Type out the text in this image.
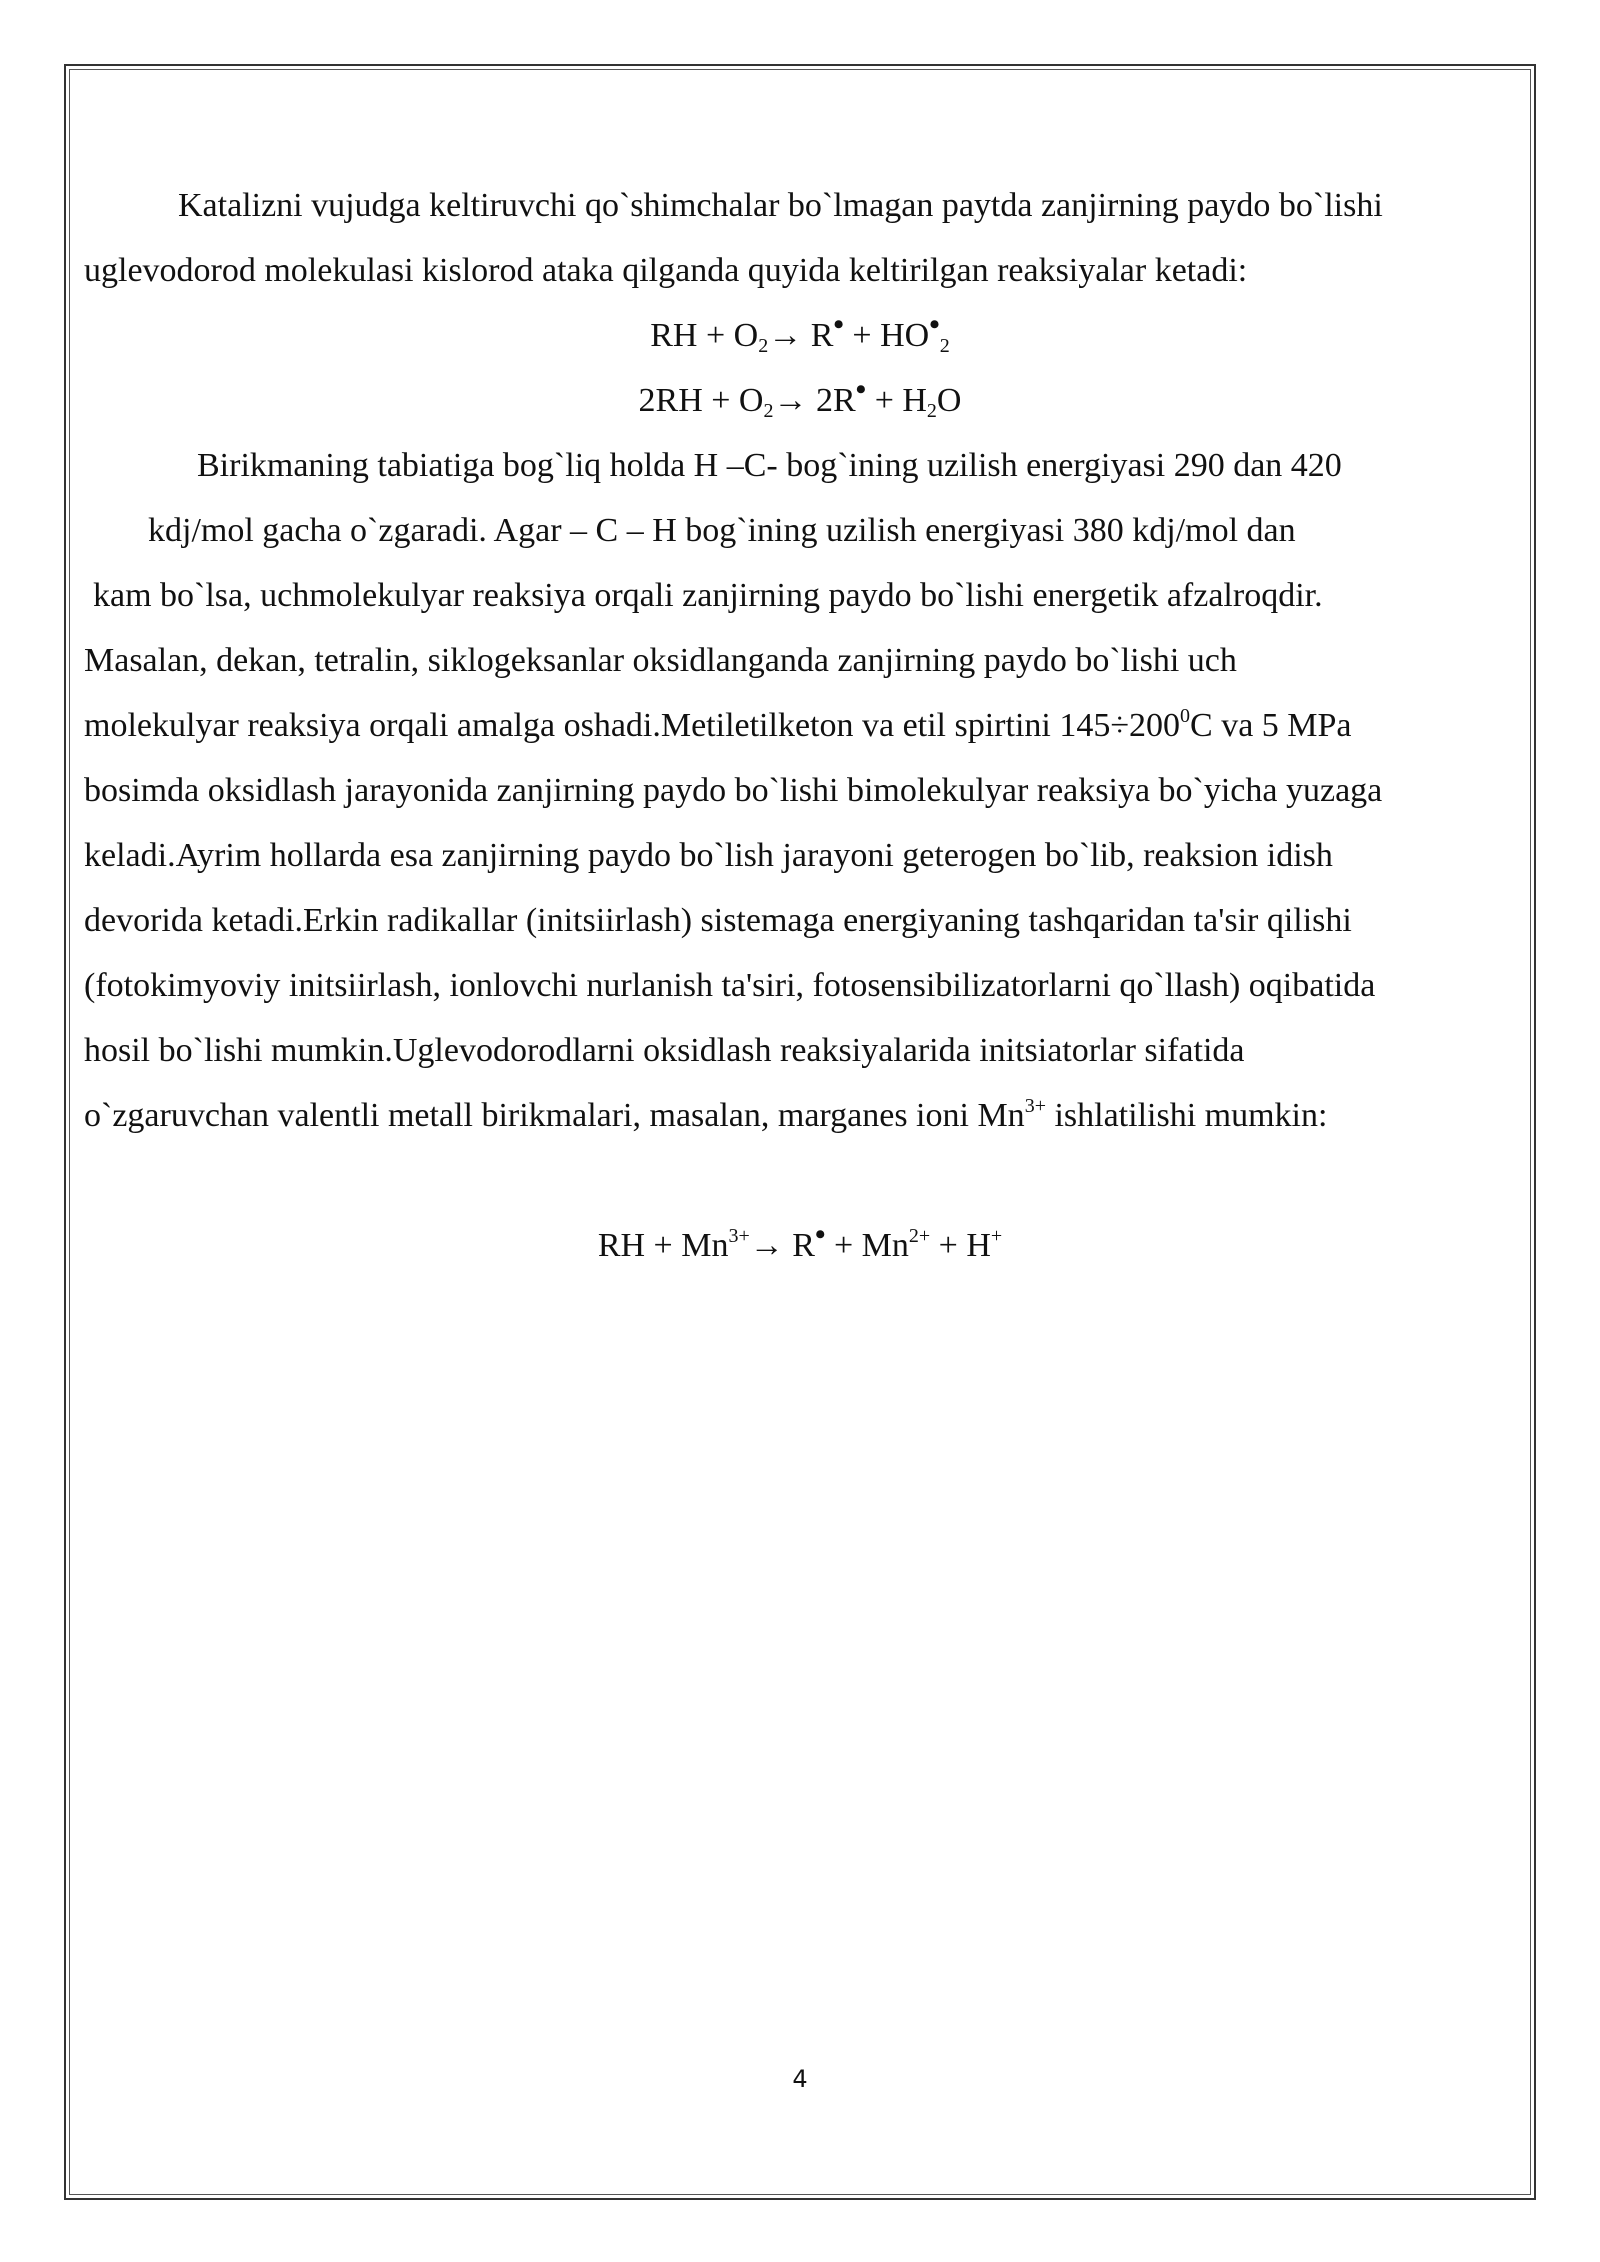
Katalizni vujudga keltiruvchi qo`shimchalar bo`lmagan paytda zanjirning paydo bo`lishi
uglevodorod molekulasi kislorod ataka qilganda quyida keltirilgan reaksiyalar ketadi:
RH + $O_2\to$ R• + $HO•_2$
$2RH + O_2\to$ 2R• + $H_2O$
Birikmaning tabiatiga bog`liq holda H –C- bog`ining uzilish energiyasi 290 dan 420
kdj/mol gacha o`zgaradi. Agar – C – H bog`ining uzilish energiyasi 380 kdj/mol dan
kam bo`lsa, uchmolekulyar reaksiya orqali zanjirning paydo bo`lishi energetik afzalroqdir.
Masalan, dekan, tetralin, siklogeksanlar oksidlanganda zanjirning paydo bo`lishi uch
molekulyar reaksiya orqali amalga oshadi.Metiletilketon va etil spirtini $145\div 200^0C$ va 5 MPa
bosimda oksidlash jarayonida zanjirning paydo bo`lishi bimolekulyar reaksiya bo`yicha yuzaga
keladi.Ayrim hollarda esa zanjirning paydo bo`lish jarayoni geterogen bo`lib, reaksion idish
devorida ketadi.Erkin radikallar (initsiirlash) sistemaga energiyaning tashqaridan ta'sir qilishi
(fotokimyoviy initsiirlash, ionlovchi nurlanish ta'siri, fotosensibilizatorlarni qo`llash) oqibatida
hosil bo`lishi mumkin.Uglevodorodlarni oksidlash reaksiyalarida initsiatorlar sifatida
o`zgaruvchan valentli metall birikmalari, masalan, marganes ioni $Mn^{3+}$ ishlatilishi mumkin:
RH + $Mn^{3+}\to$ R• + $Mn^{2+} + H^+$
4
